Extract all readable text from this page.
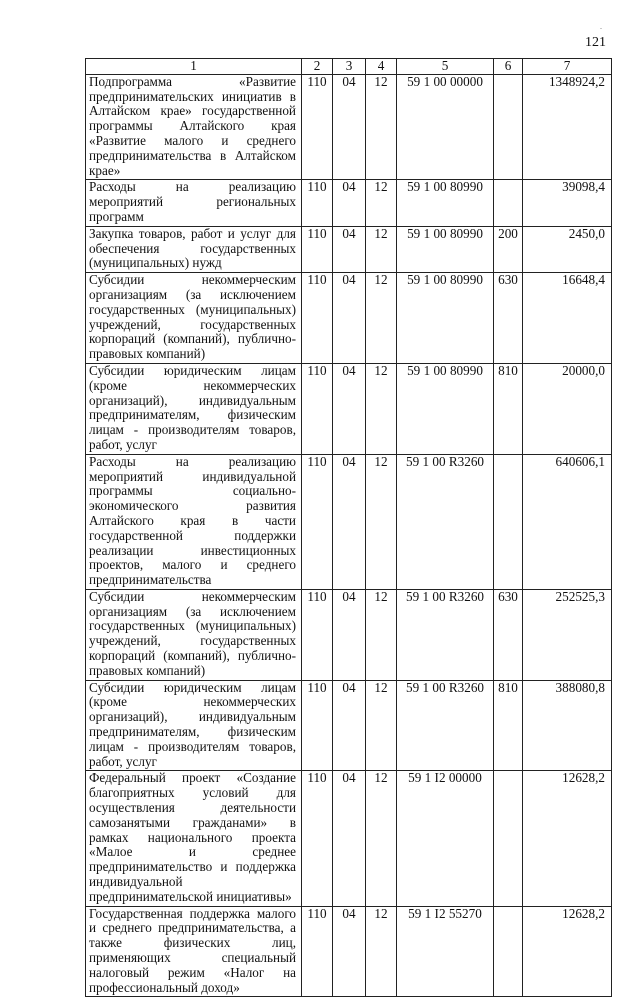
.
121
1	2	3	4	5	6	7
Подпрограмма «Развитие предпринимательских инициатив в Алтайском крае» государственной программы Алтайского края «Развитие малого и среднего предпринимательства в Алтайском крае»	110	04	12	59 1 00 00000		1348924,2
Расходы на реализацию мероприятий региональных программ	110	04	12	59 1 00 80990		39098,4
Закупка товаров, работ и услуг для обеспечения государственных (муниципальных) нужд	110	04	12	59 1 00 80990	200	2450,0
Субсидии некоммерческим организациям (за исключением государственных (муниципальных) учреждений, государственных корпораций (компаний), публично-правовых компаний)	110	04	12	59 1 00 80990	630	16648,4
Субсидии юридическим лицам (кроме некоммерческих организаций), индивидуальным предпринимателям, физическим лицам - производителям товаров, работ, услуг	110	04	12	59 1 00 80990	810	20000,0
Расходы на реализацию мероприятий индивидуальной программы социально-экономического развития Алтайского края в части государственной поддержки реализации инвестиционных проектов, малого и среднего предпринимательства	110	04	12	59 1 00 R3260		640606,1
Субсидии некоммерческим организациям (за исключением государственных (муниципальных) учреждений, государственных корпораций (компаний), публично-правовых компаний)	110	04	12	59 1 00 R3260	630	252525,3
Субсидии юридическим лицам (кроме некоммерческих организаций), индивидуальным предпринимателям, физическим лицам - производителям товаров, работ, услуг	110	04	12	59 1 00 R3260	810	388080,8
Федеральный проект «Создание благоприятных условий для осуществления деятельности самозанятыми гражданами» в рамках национального проекта «Малое и среднее предпринимательство и поддержка индивидуальной предпринимательской инициативы»	110	04	12	59 1 I2 00000		12628,2
Государственная поддержка малого и среднего предпринимательства, а также физических лиц, применяющих специальный налоговый режим «Налог на профессиональный доход»	110	04	12	59 1 I2 55270		12628,2
